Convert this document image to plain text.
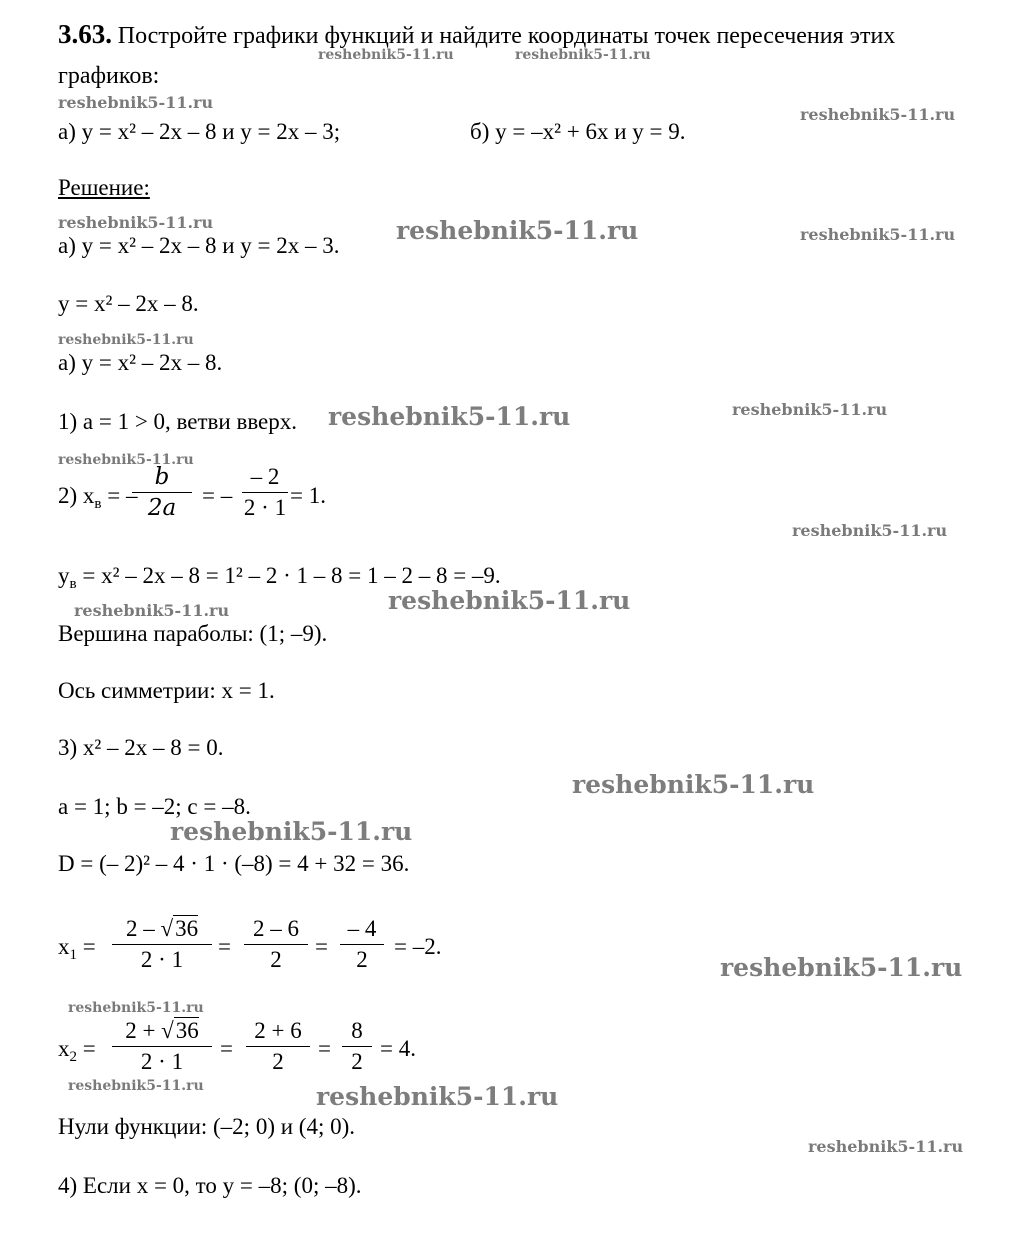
3.63. Постройте графики функций и найдите координаты точек пересечения этих
графиков:
а) y = x² – 2x – 8 и y = 2x – 3;	б) y = –x² + 6x и y = 9.
Решение:
а) y = x² – 2x – 8 и y = 2x – 3.
y = x² – 2x – 8.
а) y = x² – 2x – 8.
1) a = 1 > 0, ветви вверх.
2) $x_в$ = –
b
2a	= –
– 2
2 · 1 = 1.
$y_в = x^2 - 2x - 8 = 1^2 - 2 \cdot 1 - 8 = 1 - 2 - 8 = -9$.
Вершина параболы: (1; –9).
Ось симметрии: x = 1.
3) x² – 2x – 8 = 0.
a = 1; b = –2; c = –8.
D = (– 2)² – 4 · 1 · (–8) = 4 + 32 = 36.
$x_1$ =
2 – √36
2 · 1
=
2 – 6
2
=
– 4
2
= –2.
$x_2$ =
2 + √36
2 · 1
=
2 + 6
2
=
8
2
= 4.
Нули функции: (–2; 0) и (4; 0).
4) Если x = 0, то y = –8; (0; –8).
reshebnik5-11.ru	reshebnik5-11.ru
reshebnik5-11.ru
reshebnik5-11.ru
reshebnik5-11.ru	reshebnik5-11.ru	reshebnik5-11.ru
reshebnik5-11.ru
reshebnik5-11.ru	reshebnik5-11.ru
reshebnik5-11.ru
reshebnik5-11.ru
reshebnik5-11.ru	reshebnik5-11.ru
reshebnik5-11.ru
reshebnik5-11.ru
reshebnik5-11.ru
reshebnik5-11.ru
reshebnik5-11.ru	reshebnik5-11.ru
reshebnik5-11.ru
